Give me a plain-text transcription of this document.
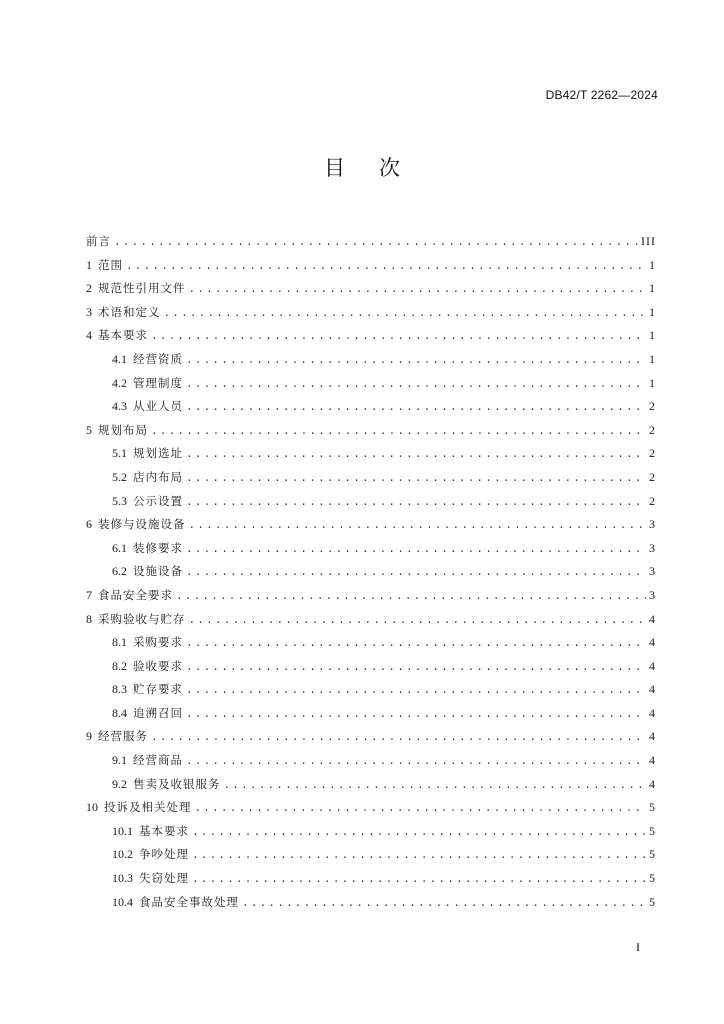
DB42/T 2262—2024
目 次
前言 .....	III
1 范围 .....	1
2 规范性引用文件 .....	1
3 术语和定义 .....	1
4 基本要求 .....	1
4.1 经营资质 .....	1
4.2 管理制度 .....	1
4.3 从业人员 .....	2
5 规划布局 .....	2
5.1 规划选址 .....	2
5.2 店内布局 .....	2
5.3 公示设置 .....	2
6 装修与设施设备 .....	3
6.1 装修要求 .....	3
6.2 设施设备 .....	3
7 食品安全要求 .....	3
8 采购验收与贮存 .....	4
8.1 采购要求 .....	4
8.2 验收要求 .....	4
8.3 贮存要求 .....	4
8.4 追溯召回 .....	4
9 经营服务 .....	4
9.1 经营商品 .....	4
9.2 售卖及收银服务 .....	4
10 投诉及相关处理 .....	5
10.1 基本要求 .....	5
10.2 争吵处理 .....	5
10.3 失窃处理 .....	5
10.4 食品安全事故处理 .....	5
I
